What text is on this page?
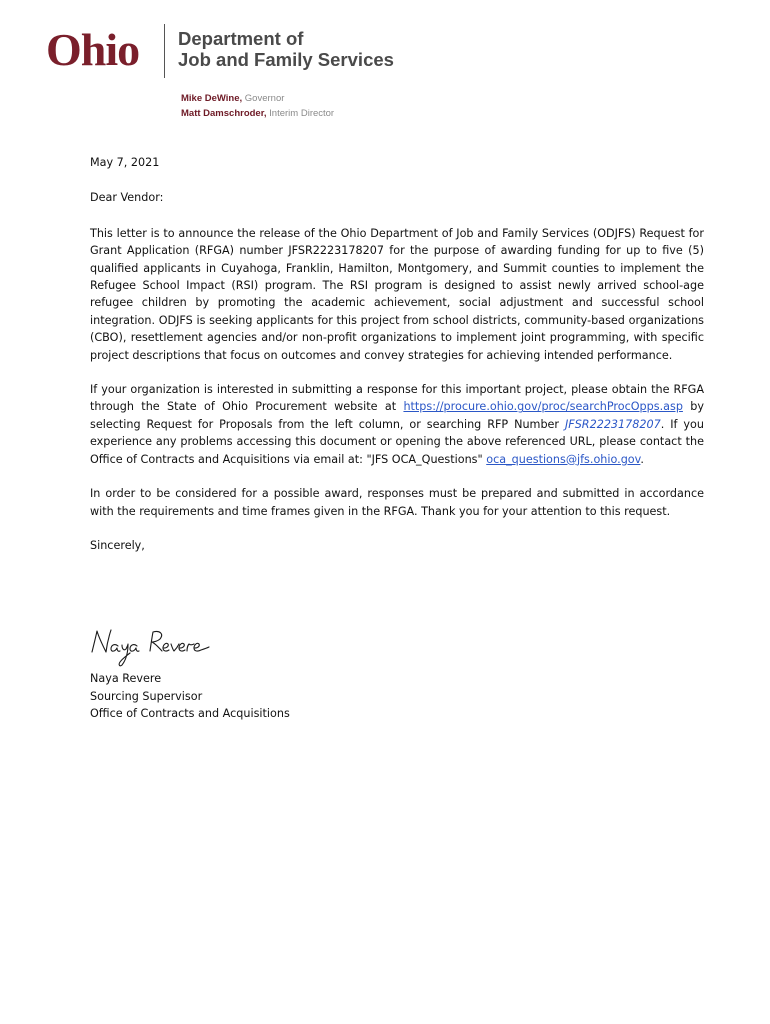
Ohio Department of
Job and Family Services
Mike DeWine, Governor
Matt Damschroder, Interim Director

May 7, 2021

Dear Vendor:

This letter is to announce the release of the Ohio Department of Job and Family Services (ODJFS) Request for Grant Application (RFGA) number JFSR2223178207 for the purpose of awarding funding for up to five (5) qualified applicants in Cuyahoga, Franklin, Hamilton, Montgomery, and Summit counties to implement the Refugee School Impact (RSI) program. The RSI program is designed to assist newly arrived school-age refugee children by promoting the academic achievement, social adjustment and successful school integration. ODJFS is seeking applicants for this project from school districts, community-based organizations (CBO), resettlement agencies and/or non-profit organizations to implement joint programming, with specific project descriptions that focus on outcomes and convey strategies for achieving intended performance.

If your organization is interested in submitting a response for this important project, please obtain the RFGA through the State of Ohio Procurement website at https://procure.ohio.gov/proc/searchProcOpps.asp by selecting Request for Proposals from the left column, or searching RFP Number JFSR2223178207. If you experience any problems accessing this document or opening the above referenced URL, please contact the Office of Contracts and Acquisitions via email at: "JFS OCA_Questions" oca_questions@jfs.ohio.gov.

In order to be considered for a possible award, responses must be prepared and submitted in accordance with the requirements and time frames given in the RFGA. Thank you for your attention to this request.

Sincerely,

Naya Revere
Sourcing Supervisor
Office of Contracts and Acquisitions
